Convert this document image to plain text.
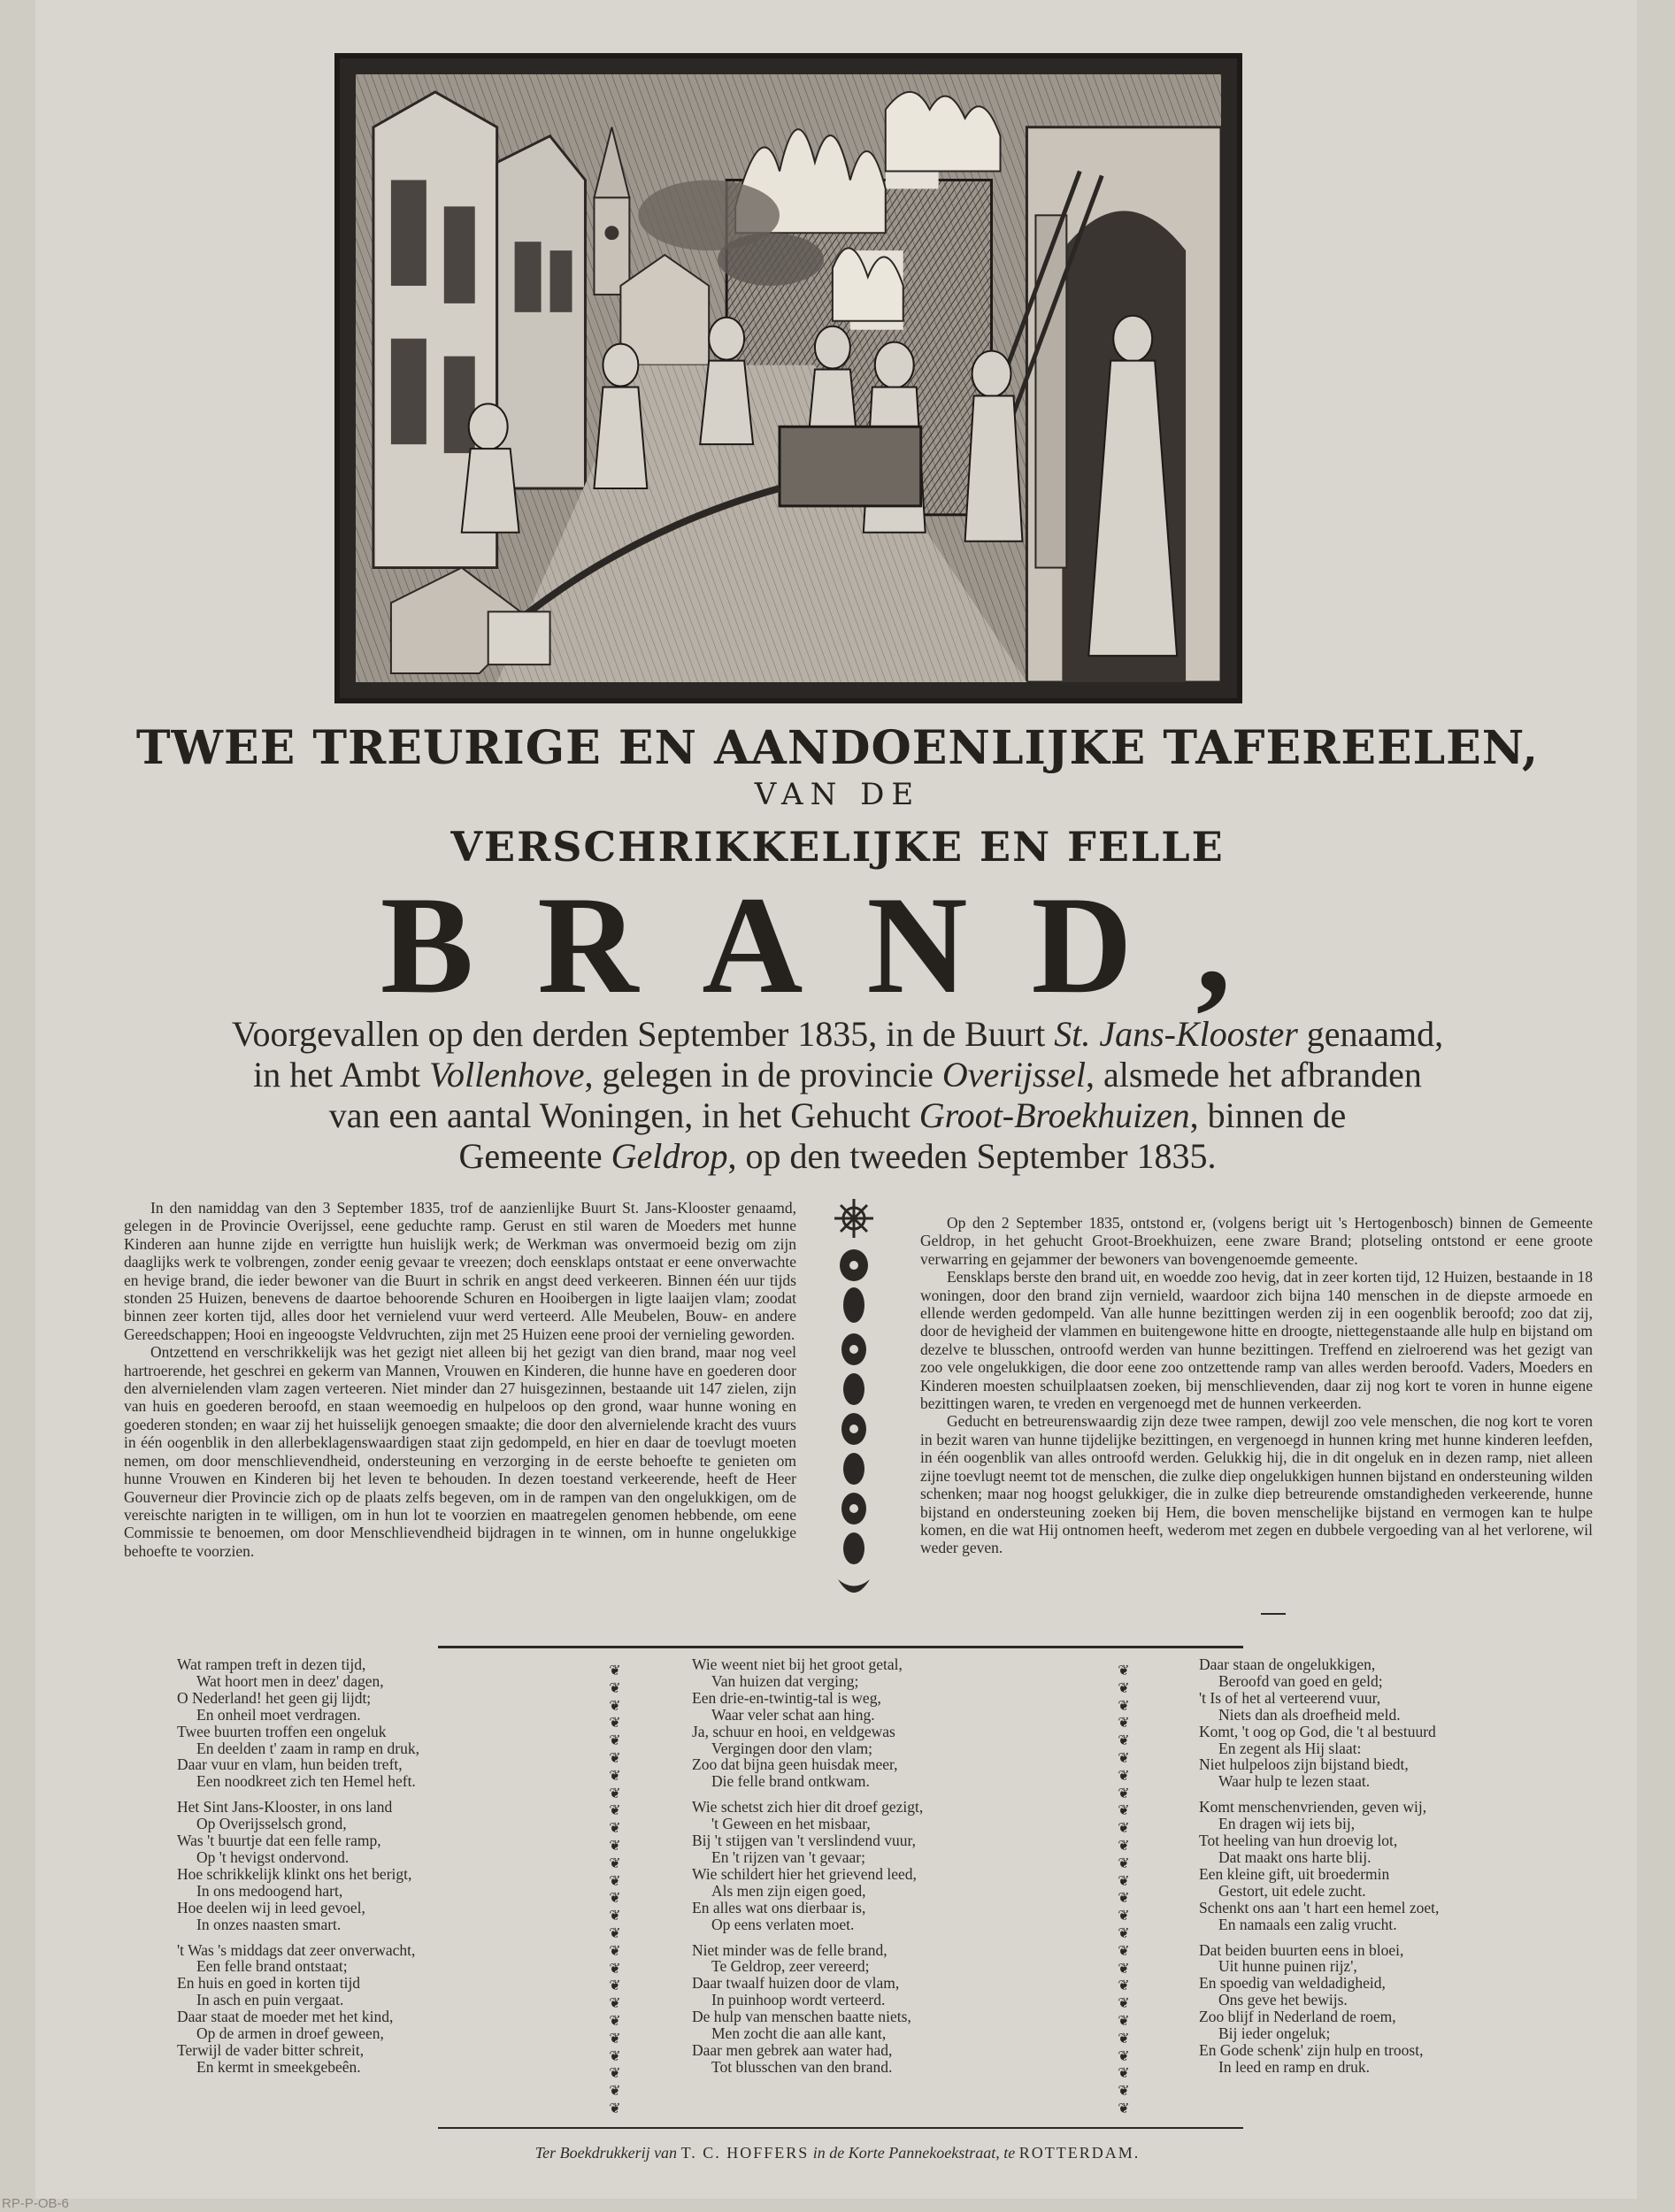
TWEE TREURIGE EN AANDOENLIJKE TAFEREELEN,
VAN DE
VERSCHRIKKELIJKE EN FELLE
BRAND,
Voorgevallen op den derden September 1835, in de Buurt St. Jans-Klooster genaamd,
in het Ambt Vollenhove, gelegen in de provincie Overijssel, alsmede het afbranden
van een aantal Woningen, in het Gehucht Groot-Broekhuizen, binnen de
Gemeente Geldrop, op den tweeden September 1835.

In den namiddag van den 3 September 1835, trof de aanzienlijke Buurt St. Jans-Klooster genaamd, gelegen in de Provincie Overijssel, eene geduchte ramp. Gerust en stil waren de Moeders met hunne Kinderen aan hunne zijde en verrigtte hun huislijk werk; de Werkman was onvermoeid bezig om zijn daaglijks werk te volbrengen, zonder eenig gevaar te vreezen; doch eensklaps ontstaat er eene onverwachte en hevige brand, die ieder bewoner van die Buurt in schrik en angst deed verkeeren. Binnen één uur tijds stonden 25 Huizen, benevens de daartoe behoorende Schuren en Hooibergen in ligte laaijen vlam; zoodat binnen zeer korten tijd, alles door het vernielend vuur werd verteerd. Alle Meubelen, Bouw- en andere Gereedschappen; Hooi en ingeoogste Veldvruchten, zijn met 25 Huizen eene prooi der vernieling geworden.

Ontzettend en verschrikkelijk was het gezigt niet alleen bij het gezigt van dien brand, maar nog veel hartroerende, het geschrei en gekerm van Mannen, Vrouwen en Kinderen, die hunne have en goederen door den alvernielenden vlam zagen verteeren. Niet minder dan 27 huisgezinnen, bestaande uit 147 zielen, zijn van huis en goederen beroofd, en staan weemoedig en hulpeloos op den grond, waar hunne woning en goederen stonden; en waar zij het huisselijk genoegen smaakte; die door den alvernielende kracht des vuurs in één oogenblik in den allerbeklagenswaardigen staat zijn gedompeld, en hier en daar de toevlugt moeten nemen, om door menschlievendheid, ondersteuning en verzorging in de eerste behoefte te genieten om hunne Vrouwen en Kinderen bij het leven te behouden. In dezen toestand verkeerende, heeft de Heer Gouverneur dier Provincie zich op de plaats zelfs begeven, om in de rampen van den ongelukkigen, om de vereischte narigten in te willigen, om in hun lot te voorzien en maatregelen genomen hebbende, om eene Commissie te benoemen, om door Menschlievendheid bijdragen in te winnen, om in hunne ongelukkige behoefte te voorzien.

Op den 2 September 1835, ontstond er, (volgens berigt uit 's Hertogenbosch) binnen de Gemeente Geldrop, in het gehucht Groot-Broekhuizen, eene zware Brand; plotseling ontstond er eene groote verwarring en gejammer der bewoners van bovengenoemde gemeente.

Eensklaps berste den brand uit, en woedde zoo hevig, dat in zeer korten tijd, 12 Huizen, bestaande in 18 woningen, door den brand zijn vernield, waardoor zich bijna 140 menschen in de diepste armoede en ellende werden gedompeld. Van alle hunne bezittingen werden zij in een oogenblik beroofd; zoo dat zij, door de hevigheid der vlammen en buitengewone hitte en droogte, niettegenstaande alle hulp en bijstand om dezelve te blusschen, ontroofd werden van hunne bezittingen. Treffend en zielroerend was het gezigt van zoo vele ongelukkigen, die door eene zoo ontzettende ramp van alles werden beroofd. Vaders, Moeders en Kinderen moesten schuilplaatsen zoeken, bij menschlievenden, daar zij nog kort te voren in hunne eigene bezittingen waren, te vreden en vergenoegd met de hunnen verkeerden.

Geducht en betreurenswaardig zijn deze twee rampen, dewijl zoo vele menschen, die nog kort te voren in bezit waren van hunne tijdelijke bezittingen, en vergenoegd in hunnen kring met hunne kinderen leefden, in één oogenblik van alles ontroofd werden. Gelukkig hij, die in dit ongeluk en in dezen ramp, niet alleen zijne toevlugt neemt tot de menschen, die zulke diep ongelukkigen hunnen bijstand en ondersteuning wilden schenken; maar nog hoogst gelukkiger, die in zulke diep betreurende omstandigheden verkeerende, hunne bijstand en ondersteuning zoeken bij Hem, die boven menschelijke bijstand en vermogen kan te hulpe komen, en die wat Hij ontnomen heeft, wederom met zegen en dubbele vergoeding van al het verlorene, wil weder geven.

Wat rampen treft in dezen tijd,
Wat hoort men in deez' dagen,
O Nederland! het geen gij lijdt;
En onheil moet verdragen.
Twee buurten troffen een ongeluk
En deelden t' zaam in ramp en druk,
Daar vuur en vlam, hun beiden treft,
Een noodkreet zich ten Hemel heft.
Het Sint Jans-Klooster, in ons land
Op Overijsselsch grond,
Was 't buurtje dat een felle ramp,
Op 't hevigst ondervond.
Hoe schrikkelijk klinkt ons het berigt,
In ons medoogend hart,
Hoe deelen wij in leed gevoel,
In onzes naasten smart.
't Was 's middags dat zeer onverwacht,
Een felle brand ontstaat;
En huis en goed in korten tijd
In asch en puin vergaat.
Daar staat de moeder met het kind,
Op de armen in droef geween,
Terwijl de vader bitter schreit,
En kermt in smeekgebeên.
❦
❦
❦
❦
❦
❦
❦
❦
❦
❦
❦
❦
❦
❦
❦
❦
❦
❦
❦
❦
❦
❦
❦
❦
❦
❦
Wie weent niet bij het groot getal,
Van huizen dat verging;
Een drie-en-twintig-tal is weg,
Waar veler schat aan hing.
Ja, schuur en hooi, en veldgewas
Vergingen door den vlam;
Zoo dat bijna geen huisdak meer,
Die felle brand ontkwam.
Wie schetst zich hier dit droef gezigt,
't Geween en het misbaar,
Bij 't stijgen van 't verslindend vuur,
En 't rijzen van 't gevaar;
Wie schildert hier het grievend leed,
Als men zijn eigen goed,
En alles wat ons dierbaar is,
Op eens verlaten moet.
Niet minder was de felle brand,
Te Geldrop, zeer vereerd;
Daar twaalf huizen door de vlam,
In puinhoop wordt verteerd.
De hulp van menschen baatte niets,
Men zocht die aan alle kant,
Daar men gebrek aan water had,
Tot blusschen van den brand.
❦
❦
❦
❦
❦
❦
❦
❦
❦
❦
❦
❦
❦
❦
❦
❦
❦
❦
❦
❦
❦
❦
❦
❦
❦
❦
Daar staan de ongelukkigen,
Beroofd van goed en geld;
't Is of het al verteerend vuur,
Niets dan als droefheid meld.
Komt, 't oog op God, die 't al bestuurd
En zegent als Hij slaat:
Niet hulpeloos zijn bijstand biedt,
Waar hulp te lezen staat.
Komt menschenvrienden, geven wij,
En dragen wij iets bij,
Tot heeling van hun droevig lot,
Dat maakt ons harte blij.
Een kleine gift, uit broedermin
Gestort, uit edele zucht.
Schenkt ons aan 't hart een hemel zoet,
En namaals een zalig vrucht.
Dat beiden buurten eens in bloei,
Uit hunne puinen rijz',
En spoedig van weldadigheid,
Ons geve het bewijs.
Zoo blijf in Nederland de roem,
Bij ieder ongeluk;
En Gode schenk' zijn hulp en troost,
In leed en ramp en druk.
Ter Boekdrukkerij van T. C. HOFFERS in de Korte Pannekoekstraat, te ROTTERDAM.
RP-P-OB-6
